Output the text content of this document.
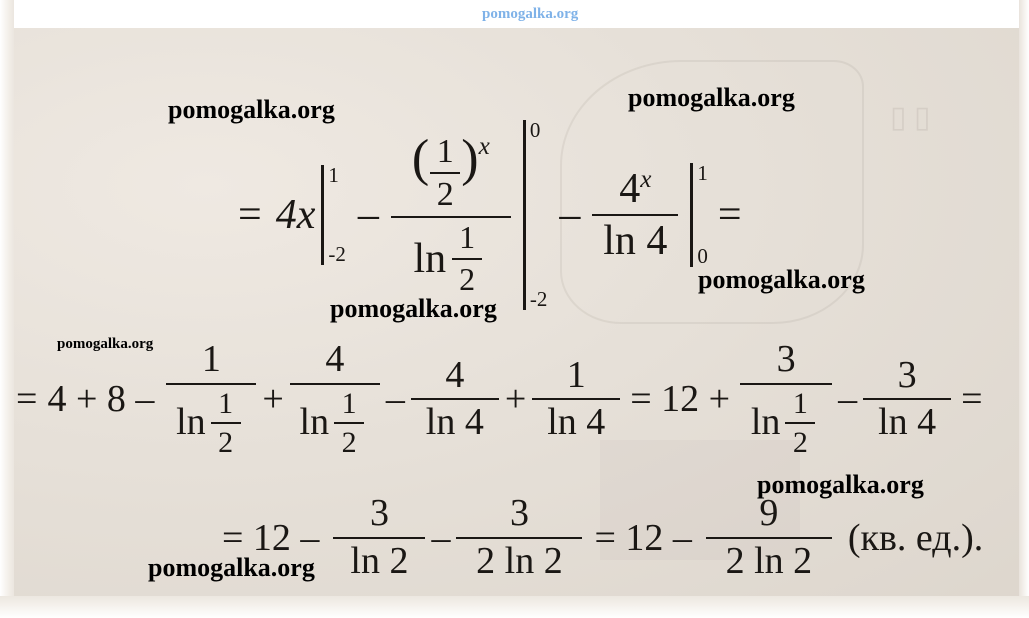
▯ ▯
pomogalka.org
= 4x
1
-2
–
( $\frac{1}{2}$ ) x
$\ln \frac{1}{2}$
0
-2
– $\frac{4 x}{\ln 4} 1$
0
=
= $4 + 8 - \frac{1}{\ln \frac{1}{2}} + \frac{4}{\ln \frac{1}{2}} - \frac{4}{\ln 4} + \frac{1}{\ln 4} = 12 + \frac{3}{\ln \frac{1}{2}} - \frac{3}{\ln 4}$ =
= $12 - \frac{3}{\ln 2} - \frac{3}{2 \ln 2} = 12 - \frac{9}{2 \ln 2} (кв$. ед.).
pomogalka.org	pomogalka.org
pomogalka.org
pomogalka.org
pomogalka.org
pomogalka.org
pomogalka.org
